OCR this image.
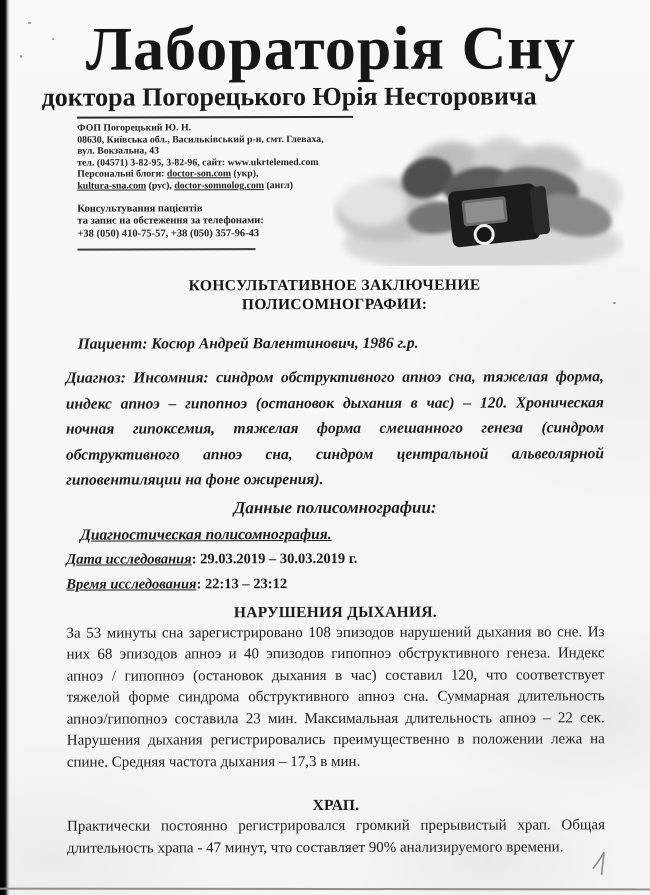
Лабораторія Сну
доктора Погорецького Юрія Несторовича
ФОП Погорецький Ю. Н.
08630, Київська обл., Васильківський р-н, смт. Глеваха,
вул. Вокзальна, 43
тел. (04571) 3-82-95, 3-82-96, сайт: www.ukrtelemed.com
Персональні блоги: doctor-son.com (укр),
kultura-sna.com (рус), doctor-somnolog.com (англ)
Консультування пацієнтів
та запис на обстеження за телефонами:
+38 (050) 410-75-57, +38 (050) 357-96-43
КОНСУЛЬТАТИВНОЕ ЗАКЛЮЧЕНИЕ
ПОЛИСОМНОГРАФИИ:
Пациент: Косюр Андрей Валентинович, 1986 г.р.
Диагноз: Инсомния: синдром обструктивного апноэ сна, тяжелая форма, индекс апноэ – гипопноэ (остановок дыхания в час) – 120. Хроническая ночная гипоксемия, тяжелая форма смешанного генеза (синдром обструктивного апноэ сна, синдром центральной альвеолярной гиповентиляции на фоне ожирения).
Данные полисомнографии:
Диагностическая полисомнография.
Дата исследования: 29.03.2019 – 30.03.2019 г.
Время исследования: 22:13 – 23:12
НАРУШЕНИЯ ДЫХАНИЯ.
За 53 минуты сна зарегистрировано 108 эпизодов нарушений дыхания во сне. Из них 68 эпизодов апноэ и 40 эпизодов гипопноэ обструктивного генеза. Индекс апноэ / гипопноэ (остановок дыхания в час) составил 120, что соответствует тяжелой форме синдрома обструктивного апноэ сна. Суммарная длительность апноэ/гипопноэ составила 23 мин. Максимальная длительность апноэ – 22 сек. Нарушения дыхания регистрировались преимущественно в положении лежа на спине. Средняя частота дыхания – 17,3 в мин.
ХРАП.
Практически постоянно регистрировался громкий прерывистый храп. Общая длительность храпа - 47 минут, что составляет 90% анализируемого времени.
